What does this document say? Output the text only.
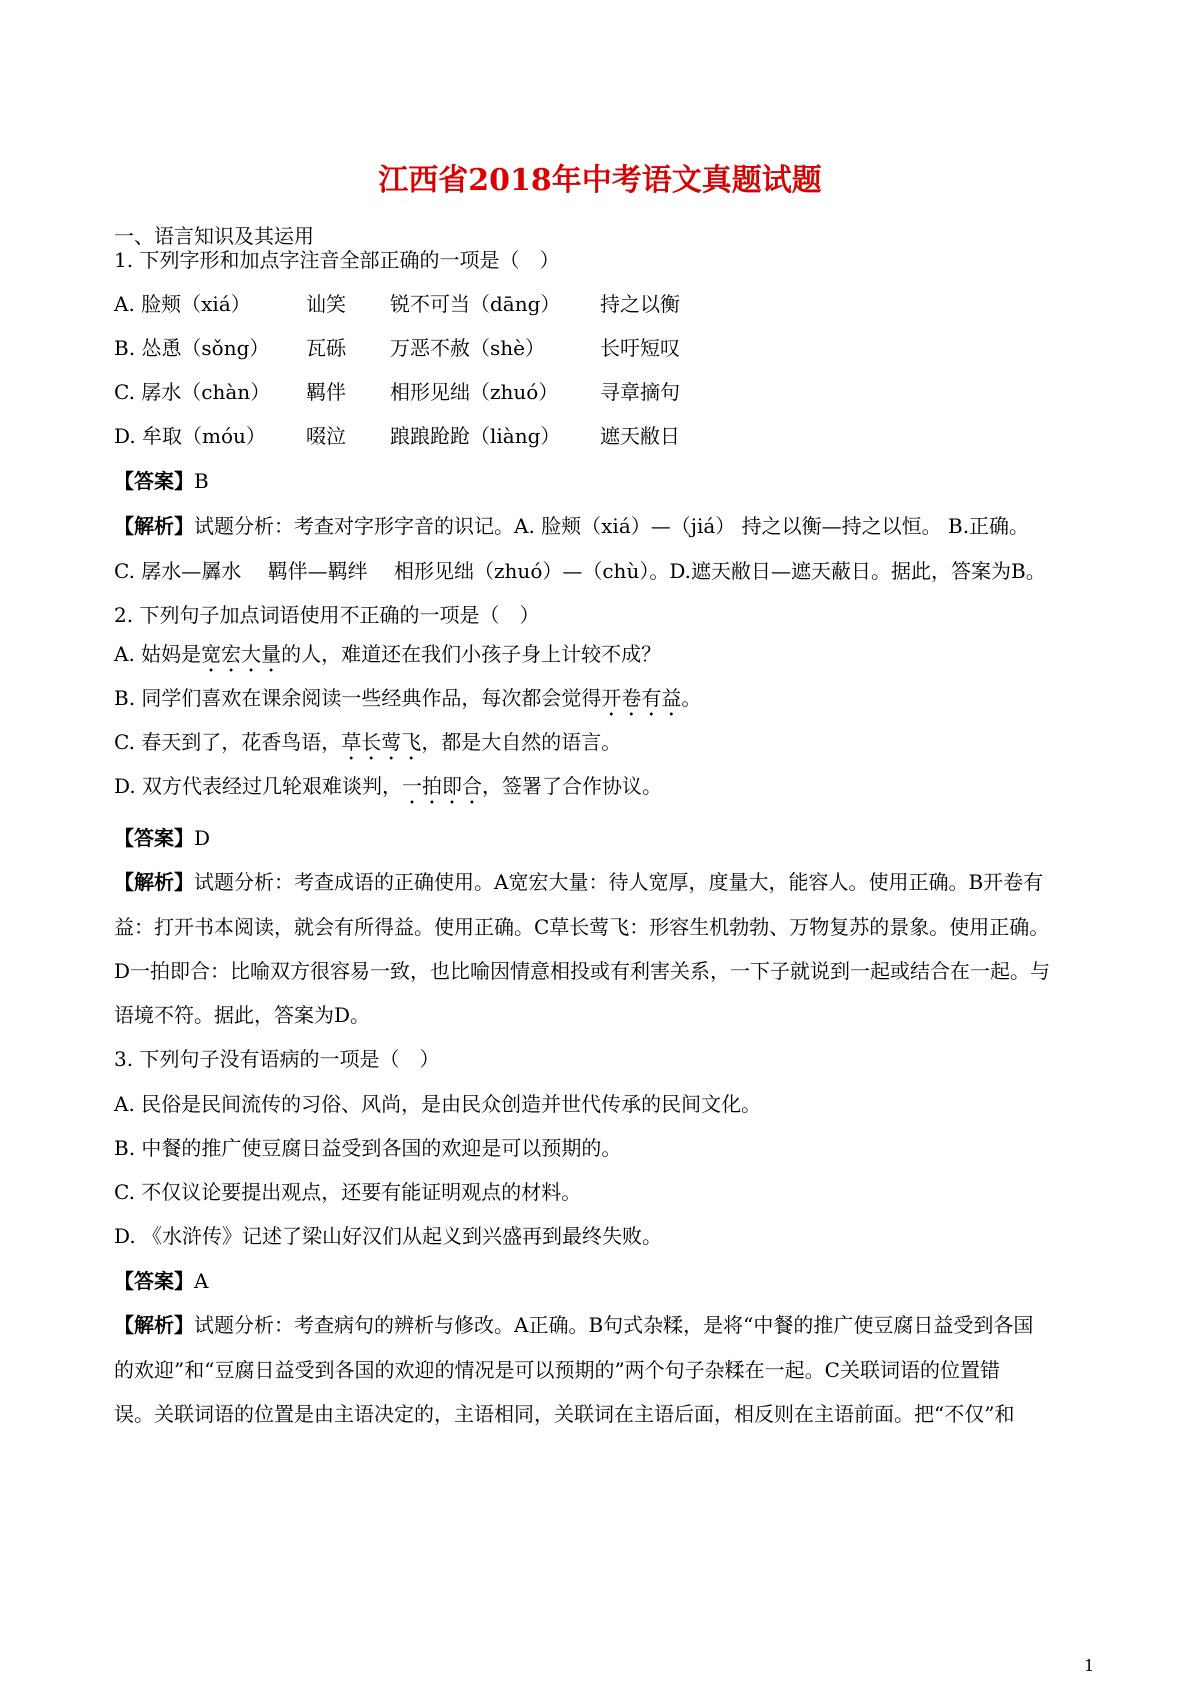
江西省2018年中考语文真题试题
一、语言知识及其运用
1. 下列字形和加点字注音全部正确的一项是（　）
A. 脸颊（xiá）	讪笑 锐不可当（dāng） 持之以衡
B. 怂恿（sǒng） 瓦砾 万恶不赦（shè）	长吁短叹
C. 孱水（chàn） 羁伴 相形见绌（zhuó） 寻章摘句
D. 牟取（móu） 啜泣 踉踉跄跄（liàng） 遮天敝日
【答案】B
【解析】试题分析：考查对字形字音的识记。A. 脸颊（xiá）—（jiá） 持之以衡—持之以恒。 B.正确。
C. 孱水—羼水　 羁伴—羁绊　 相形见绌（zhuó）—（chù）。D.遮天敝日—遮天蔽日。据此，答案为B。
2. 下列句子加点词语使用不正确的一项是（　）
A. 姑妈是宽宏大量的人，难道还在我们小孩子身上计较不成？
B. 同学们喜欢在课余阅读一些经典作品，每次都会觉得开卷有益。
C. 春天到了，花香鸟语，草长莺飞，都是大自然的语言。
D. 双方代表经过几轮艰难谈判，一拍即合，签署了合作协议。
【答案】D
【解析】试题分析：考查成语的正确使用。A宽宏大量：待人宽厚，度量大，能容人。使用正确。B开卷有
益：打开书本阅读，就会有所得益。使用正确。C草长莺飞：形容生机勃勃、万物复苏的景象。使用正确。
D一拍即合：比喻双方很容易一致，也比喻因情意相投或有利害关系，一下子就说到一起或结合在一起。与
语境不符。据此，答案为D。
3. 下列句子没有语病的一项是（　）
A. 民俗是民间流传的习俗、风尚，是由民众创造并世代传承的民间文化。
B. 中餐的推广使豆腐日益受到各国的欢迎是可以预期的。
C. 不仅议论要提出观点，还要有能证明观点的材料。
D. 《水浒传》记述了梁山好汉们从起义到兴盛再到最终失败。
【答案】A
【解析】试题分析：考查病句的辨析与修改。A正确。B句式杂糅，是将“中餐的推广使豆腐日益受到各国
的欢迎”和“豆腐日益受到各国的欢迎的情况是可以预期的”两个句子杂糅在一起。C关联词语的位置错
误。关联词语的位置是由主语决定的，主语相同，关联词在主语后面，相反则在主语前面。把“不仅”和
1
